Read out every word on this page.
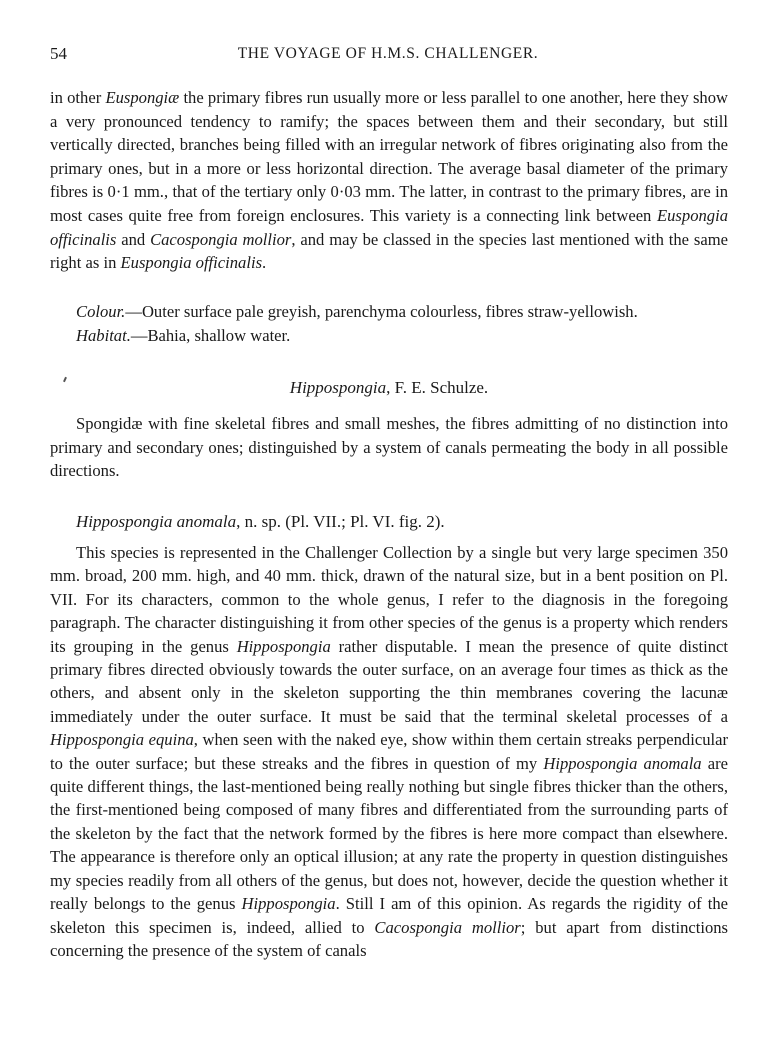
54	THE VOYAGE OF H.M.S. CHALLENGER.

in other Euspongiæ the primary fibres run usually more or less parallel to one another, here they show a very pronounced tendency to ramify; the spaces between them and their secondary, but still vertically directed, branches being filled with an irregular network of fibres originating also from the primary ones, but in a more or less horizontal direction. The average basal diameter of the primary fibres is 0·1 mm., that of the tertiary only 0·03 mm. The latter, in contrast to the primary fibres, are in most cases quite free from foreign enclosures. This variety is a connecting link between Euspongia officinalis and Cacospongia mollior, and may be classed in the species last mentioned with the same right as in Euspongia officinalis.

Colour.—Outer surface pale greyish, parenchyma colourless, fibres straw-yellowish.

Habitat.—Bahia, shallow water.

Hippospongia, F. E. Schulze.

Spongidæ with fine skeletal fibres and small meshes, the fibres admitting of no distinction into primary and secondary ones; distinguished by a system of canals permeating the body in all possible directions.

Hippospongia anomala, n. sp. (Pl. VII.; Pl. VI. fig. 2).

This species is represented in the Challenger Collection by a single but very large specimen 350 mm. broad, 200 mm. high, and 40 mm. thick, drawn of the natural size, but in a bent position on Pl. VII. For its characters, common to the whole genus, I refer to the diagnosis in the foregoing paragraph. The character distinguishing it from other species of the genus is a property which renders its grouping in the genus Hippospongia rather disputable. I mean the presence of quite distinct primary fibres directed obviously towards the outer surface, on an average four times as thick as the others, and absent only in the skeleton supporting the thin membranes covering the lacunæ immediately under the outer surface. It must be said that the terminal skeletal processes of a Hippospongia equina, when seen with the naked eye, show within them certain streaks perpendicular to the outer surface; but these streaks and the fibres in question of my Hippospongia anomala are quite different things, the last-mentioned being really nothing but single fibres thicker than the others, the first-mentioned being composed of many fibres and differentiated from the surrounding parts of the skeleton by the fact that the network formed by the fibres is here more compact than elsewhere. The appearance is therefore only an optical illusion; at any rate the property in question distinguishes my species readily from all others of the genus, but does not, however, decide the question whether it really belongs to the genus Hippospongia. Still I am of this opinion. As regards the rigidity of the skeleton this specimen is, indeed, allied to Cacospongia mollior; but apart from distinctions concerning the presence of the system of canals
